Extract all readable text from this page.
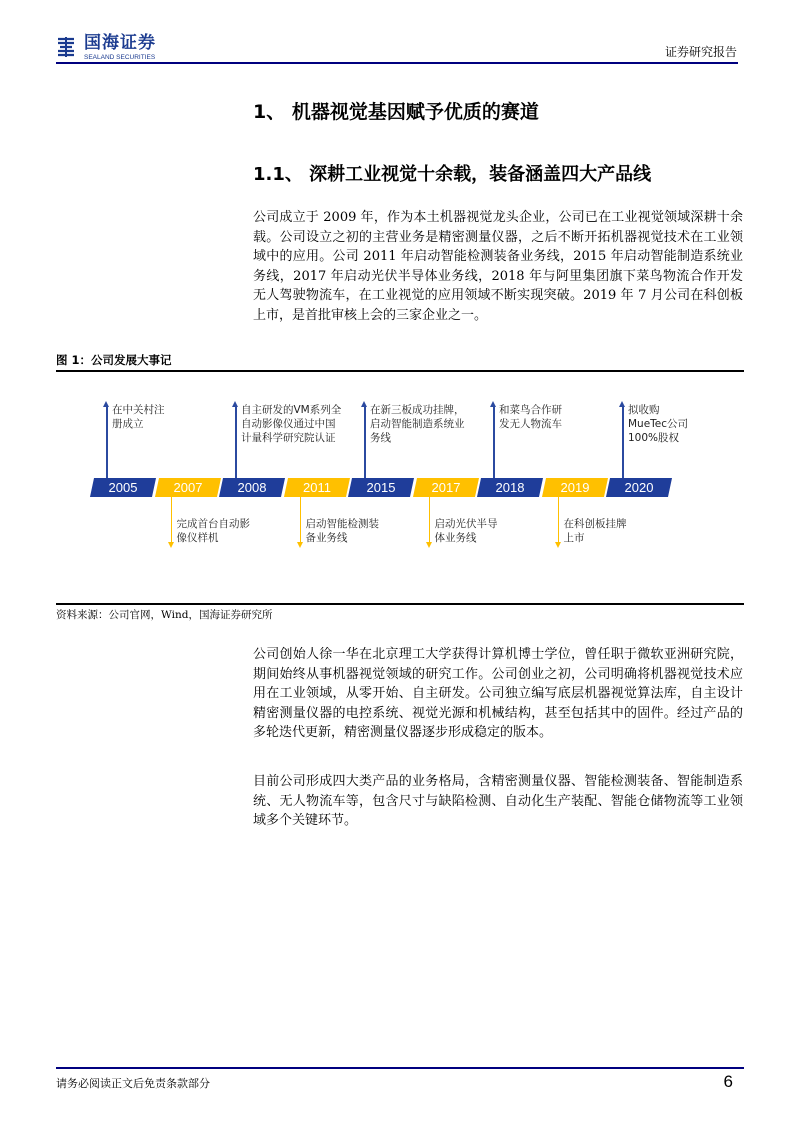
国海证券
SEALAND SECURITIES	证券研究报告
1、 机器视觉基因赋予优质的赛道
1.1、 深耕工业视觉十余载，装备涵盖四大产品线
公司成立于 2009 年，作为本土机器视觉龙头企业，公司已在工业视觉领域深耕十余载。公司设立之初的主营业务是精密测量仪器，之后不断开拓机器视觉技术在工业领域中的应用。公司 2011 年启动智能检测装备业务线，2015 年启动智能制造系统业务线，2017 年启动光伏半导体业务线，2018 年与阿里集团旗下菜鸟物流合作开发无人驾驶物流车，在工业视觉的应用领域不断实现突破。2019 年 7 月公司在科创板上市，是首批审核上会的三家企业之一。
图 1：公司发展大事记
资料来源：公司官网，Wind，国海证券研究所
公司创始人徐一华在北京理工大学获得计算机博士学位，曾任职于微软亚洲研究院，期间始终从事机器视觉领域的研究工作。公司创业之初，公司明确将机器视觉技术应用在工业领域，从零开始、自主研发。公司独立编写底层机器视觉算法库，自主设计精密测量仪器的电控系统、视觉光源和机械结构，甚至包括其中的固件。经过产品的多轮迭代更新，精密测量仪器逐步形成稳定的版本。
目前公司形成四大类产品的业务格局，含精密测量仪器、智能检测装备、智能制造系统、无人物流车等，包含尺寸与缺陷检测、自动化生产装配、智能仓储物流等工业领域多个关键环节。
请务必阅读正文后免责条款部分	6
2005
在中关村注
册成立
2007
完成首台自动影
像仪样机
2008
自主研发的VM系列全
自动影像仪通过中国
计量科学研究院认证
2011
启动智能检测装
备业务线
2015
在新三板成功挂牌，
启动智能制造系统业
务线
2017
启动光伏半导
体业务线
2018
和菜鸟合作研
发无人物流车
2019
在科创板挂牌
上市
2020
拟收购
MueTec公司
100%股权
